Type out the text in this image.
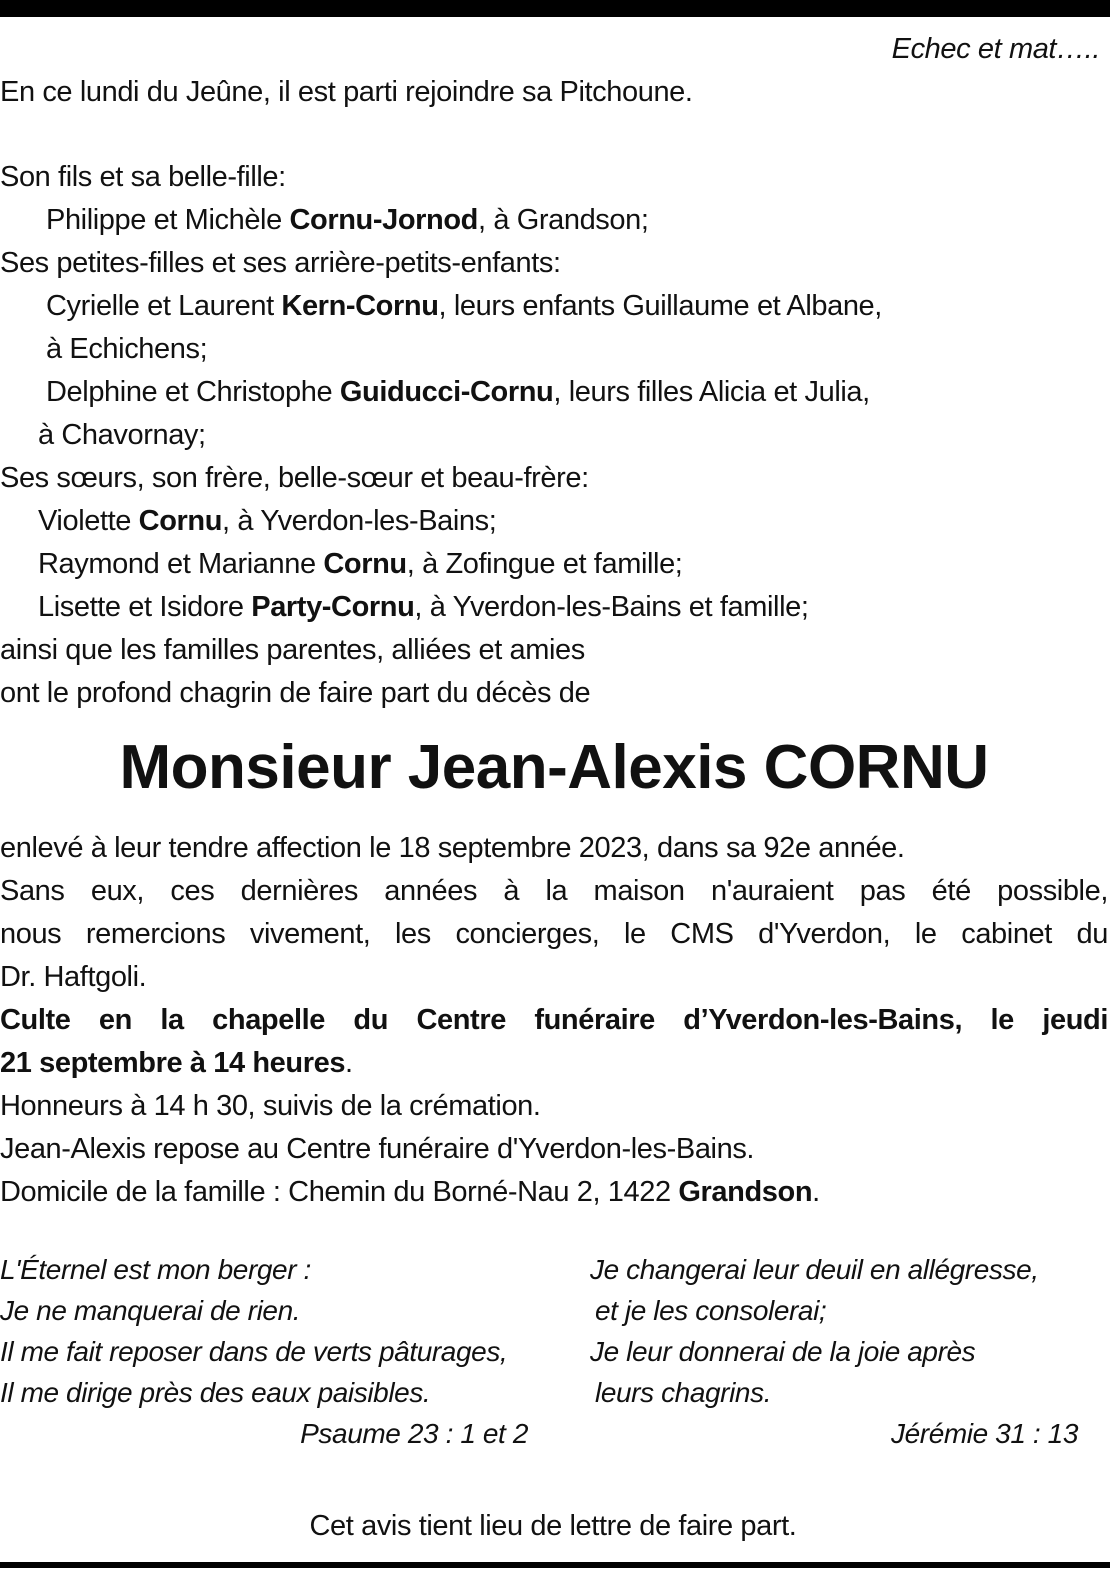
Echec et mat…..
En ce lundi du Jeûne, il est parti rejoindre sa Pitchoune.
Son fils et sa belle-fille:
Philippe et Michèle Cornu-Jornod, à Grandson;
Ses petites-filles et ses arrière-petits-enfants:
Cyrielle et Laurent Kern-Cornu, leurs enfants Guillaume et Albane,
à Echichens;
Delphine et Christophe Guiducci-Cornu, leurs filles Alicia et Julia,
à Chavornay;
Ses sœurs, son frère, belle-sœur et beau-frère:
Violette Cornu, à Yverdon-les-Bains;
Raymond et Marianne Cornu, à Zofingue et famille;
Lisette et Isidore Party-Cornu, à Yverdon-les-Bains et famille;
ainsi que les familles parentes, alliées et amies
ont le profond chagrin de faire part du décès de
Monsieur Jean-Alexis CORNU
enlevé à leur tendre affection le 18 septembre 2023, dans sa 92e année.
Sans eux, ces dernières années à la maison n'auraient pas été possible,
nous remercions vivement, les concierges, le CMS d'Yverdon, le cabinet du
Dr. Haftgoli.
Culte en la chapelle du Centre funéraire d’Yverdon-les-Bains, le jeudi
21 septembre à 14 heures.
Honneurs à 14 h 30, suivis de la crémation.
Jean-Alexis repose au Centre funéraire d'Yverdon-les-Bains.
Domicile de la famille : Chemin du Borné-Nau 2, 1422 Grandson.
L'Éternel est mon berger :
Je ne manquerai de rien.
Il me fait reposer dans de verts pâturages,
Il me dirige près des eaux paisibles.
Psaume 23 : 1 et 2
Je changerai leur deuil en allégresse,
et je les consolerai;
Je leur donnerai de la joie après
leurs chagrins.
Jérémie 31 : 13
Cet avis tient lieu de lettre de faire part.
